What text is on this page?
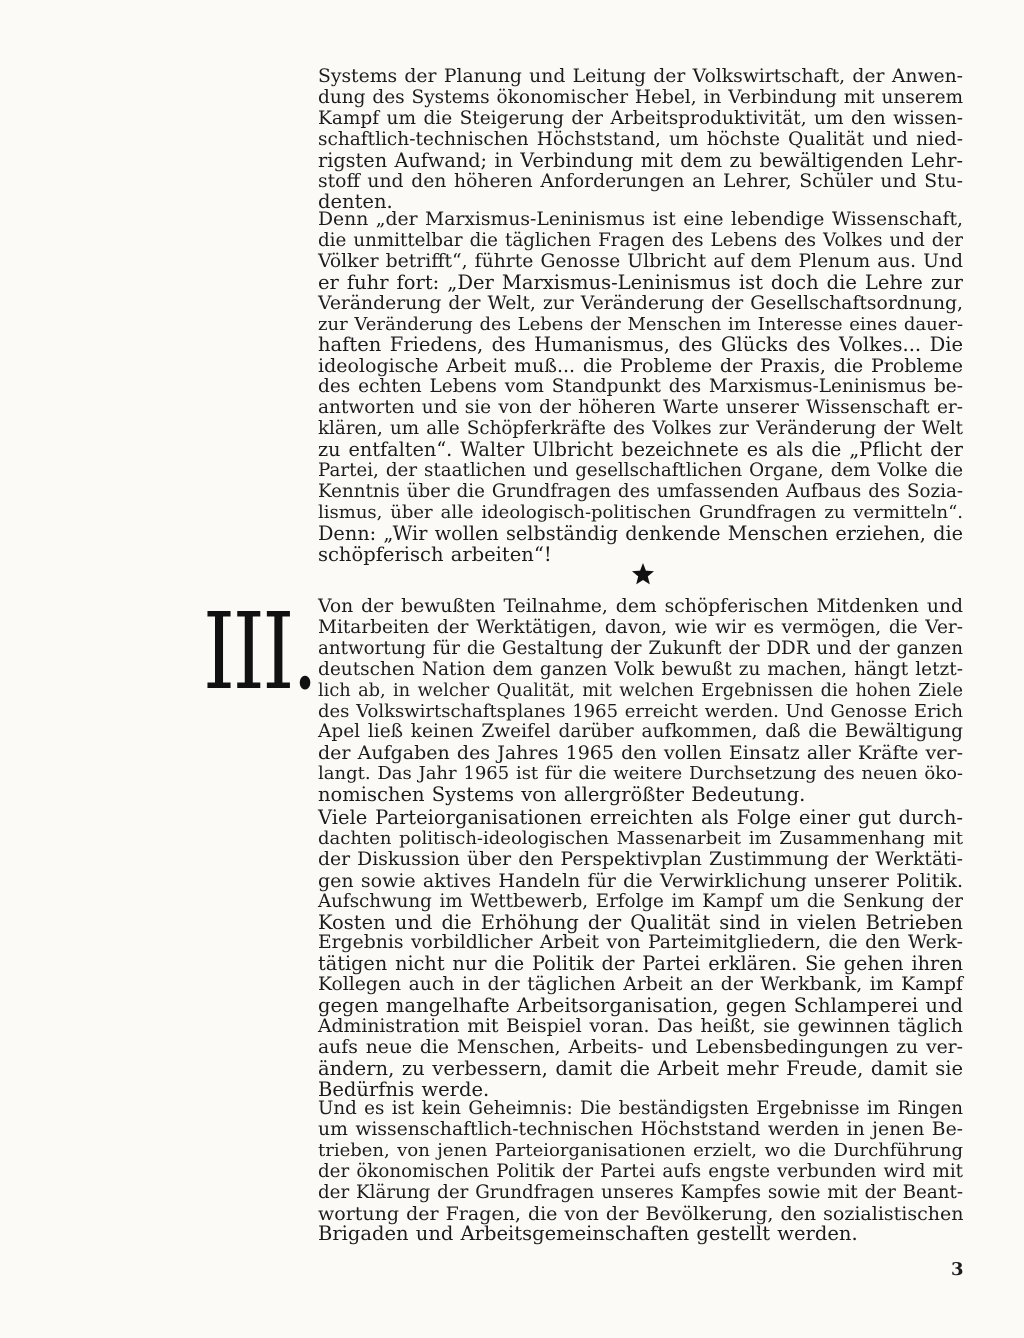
Systems der Planung und Leitung der Volkswirtschaft, der Anwen-

dung des Systems ökonomischer Hebel, in Verbindung mit unserem

Kampf um die Steigerung der Arbeitsproduktivität, um den wissen-

schaftlich-technischen Höchststand, um höchste Qualität und nied-

rigsten Aufwand; in Verbindung mit dem zu bewältigenden Lehr-

stoff und den höheren Anforderungen an Lehrer, Schüler und Stu-

denten.

Denn „der Marxismus-Leninismus ist eine lebendige Wissenschaft,

die unmittelbar die täglichen Fragen des Lebens des Volkes und der

Völker betrifft“, führte Genosse Ulbricht auf dem Plenum aus. Und

er fuhr fort: „Der Marxismus-Leninismus ist doch die Lehre zur

Veränderung der Welt, zur Veränderung der Gesellschaftsordnung,

zur Veränderung des Lebens der Menschen im Interesse eines dauer-

haften Friedens, des Humanismus, des Glücks des Volkes... Die

ideologische Arbeit muß... die Probleme der Praxis, die Probleme

des echten Lebens vom Standpunkt des Marxismus-Leninismus be-

antworten und sie von der höheren Warte unserer Wissenschaft er-

klären, um alle Schöpferkräfte des Volkes zur Veränderung der Welt

zu entfalten“. Walter Ulbricht bezeichnete es als die „Pflicht der

Partei, der staatlichen und gesellschaftlichen Organe, dem Volke die

Kenntnis über die Grundfragen des umfassenden Aufbaus des Sozia-

lismus, über alle ideologisch-politischen Grundfragen zu vermitteln“.

Denn: „Wir wollen selbständig denkende Menschen erziehen, die

schöpferisch arbeiten“!

III. Von der bewußten Teilnahme, dem schöpferischen Mitdenken und

Mitarbeiten der Werktätigen, davon, wie wir es vermögen, die Ver-

antwortung für die Gestaltung der Zukunft der DDR und der ganzen

deutschen Nation dem ganzen Volk bewußt zu machen, hängt letzt-

lich ab, in welcher Qualität, mit welchen Ergebnissen die hohen Ziele

des Volkswirtschaftsplanes 1965 erreicht werden. Und Genosse Erich

Apel ließ keinen Zweifel darüber aufkommen, daß die Bewältigung

der Aufgaben des Jahres 1965 den vollen Einsatz aller Kräfte ver-

langt. Das Jahr 1965 ist für die weitere Durchsetzung des neuen öko-

nomischen Systems von allergrößter Bedeutung.

Viele Parteiorganisationen erreichten als Folge einer gut durch-

dachten politisch-ideologischen Massenarbeit im Zusammenhang mit

der Diskussion über den Perspektivplan Zustimmung der Werktäti-

gen sowie aktives Handeln für die Verwirklichung unserer Politik.

Aufschwung im Wettbewerb, Erfolge im Kampf um die Senkung der

Kosten und die Erhöhung der Qualität sind in vielen Betrieben

Ergebnis vorbildlicher Arbeit von Parteimitgliedern, die den Werk-

tätigen nicht nur die Politik der Partei erklären. Sie gehen ihren

Kollegen auch in der täglichen Arbeit an der Werkbank, im Kampf

gegen mangelhafte Arbeitsorganisation, gegen Schlamperei und

Administration mit Beispiel voran. Das heißt, sie gewinnen täglich

aufs neue die Menschen, Arbeits- und Lebensbedingungen zu ver-

ändern, zu verbessern, damit die Arbeit mehr Freude, damit sie

Bedürfnis werde.

Und es ist kein Geheimnis: Die beständigsten Ergebnisse im Ringen

um wissenschaftlich-technischen Höchststand werden in jenen Be-

trieben, von jenen Parteiorganisationen erzielt, wo die Durchführung

der ökonomischen Politik der Partei aufs engste verbunden wird mit

der Klärung der Grundfragen unseres Kampfes sowie mit der Beant-

wortung der Fragen, die von der Bevölkerung, den sozialistischen

Brigaden und Arbeitsgemeinschaften gestellt werden.

3
